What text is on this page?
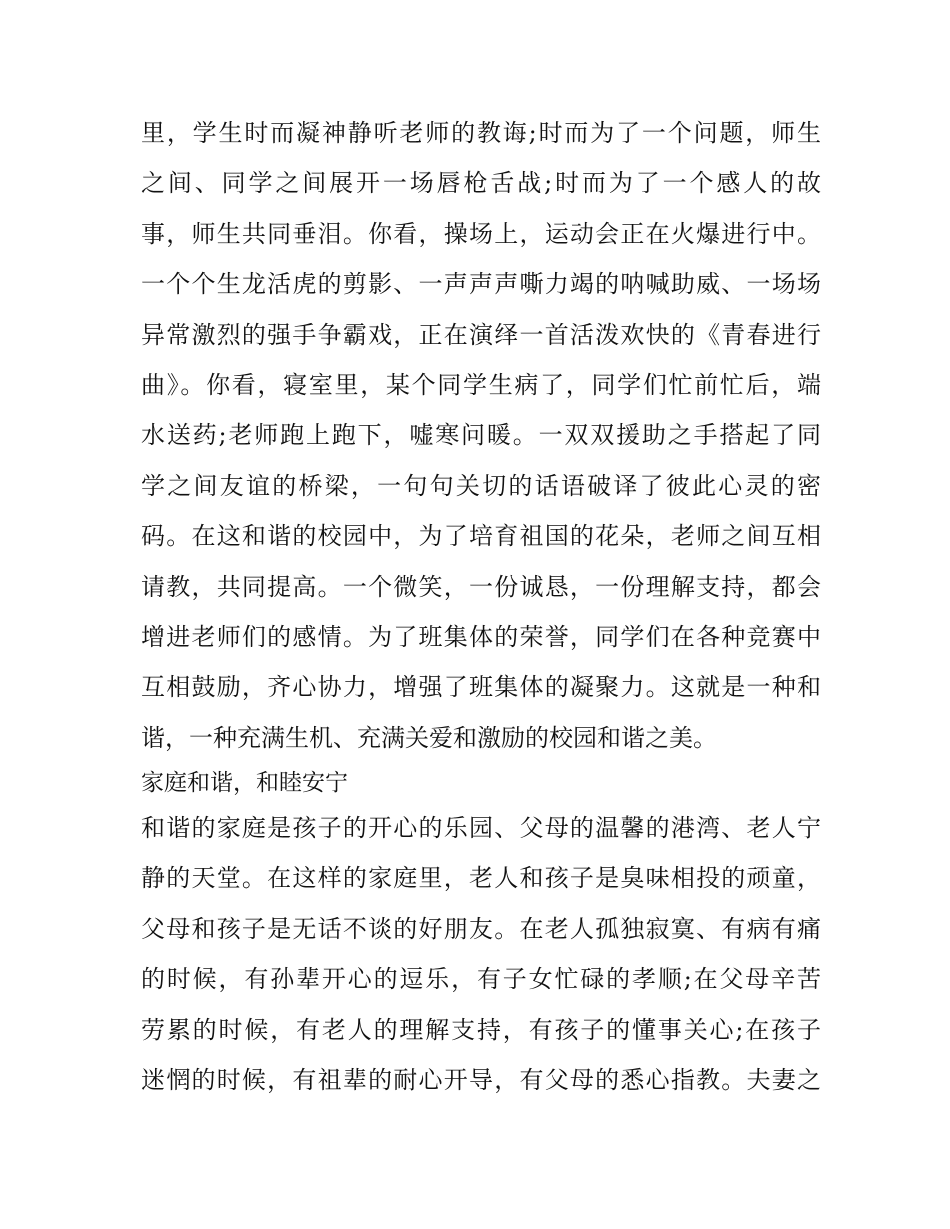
里，学生时而凝神静听老师的教诲;时而为了一个问题，师生
之间、同学之间展开一场唇枪舌战;时而为了一个感人的故
事，师生共同垂泪。你看，操场上，运动会正在火爆进行中。
一个个生龙活虎的剪影、一声声声嘶力竭的呐喊助威、一场场
异常激烈的强手争霸戏，正在演绎一首活泼欢快的《青春进行
曲》。你看，寝室里，某个同学生病了，同学们忙前忙后，端
水送药;老师跑上跑下，嘘寒问暖。一双双援助之手搭起了同
学之间友谊的桥梁，一句句关切的话语破译了彼此心灵的密
码。在这和谐的校园中，为了培育祖国的花朵，老师之间互相
请教，共同提高。一个微笑，一份诚恳，一份理解支持，都会
增进老师们的感情。为了班集体的荣誉，同学们在各种竞赛中
互相鼓励，齐心协力，增强了班集体的凝聚力。这就是一种和
谐，一种充满生机、充满关爱和激励的校园和谐之美。
家庭和谐，和睦安宁
和谐的家庭是孩子的开心的乐园、父母的温馨的港湾、老人宁
静的天堂。在这样的家庭里，老人和孩子是臭味相投的顽童，
父母和孩子是无话不谈的好朋友。在老人孤独寂寞、有病有痛
的时候，有孙辈开心的逗乐，有子女忙碌的孝顺;在父母辛苦
劳累的时候，有老人的理解支持，有孩子的懂事关心;在孩子
迷惘的时候，有祖辈的耐心开导，有父母的悉心指教。夫妻之
